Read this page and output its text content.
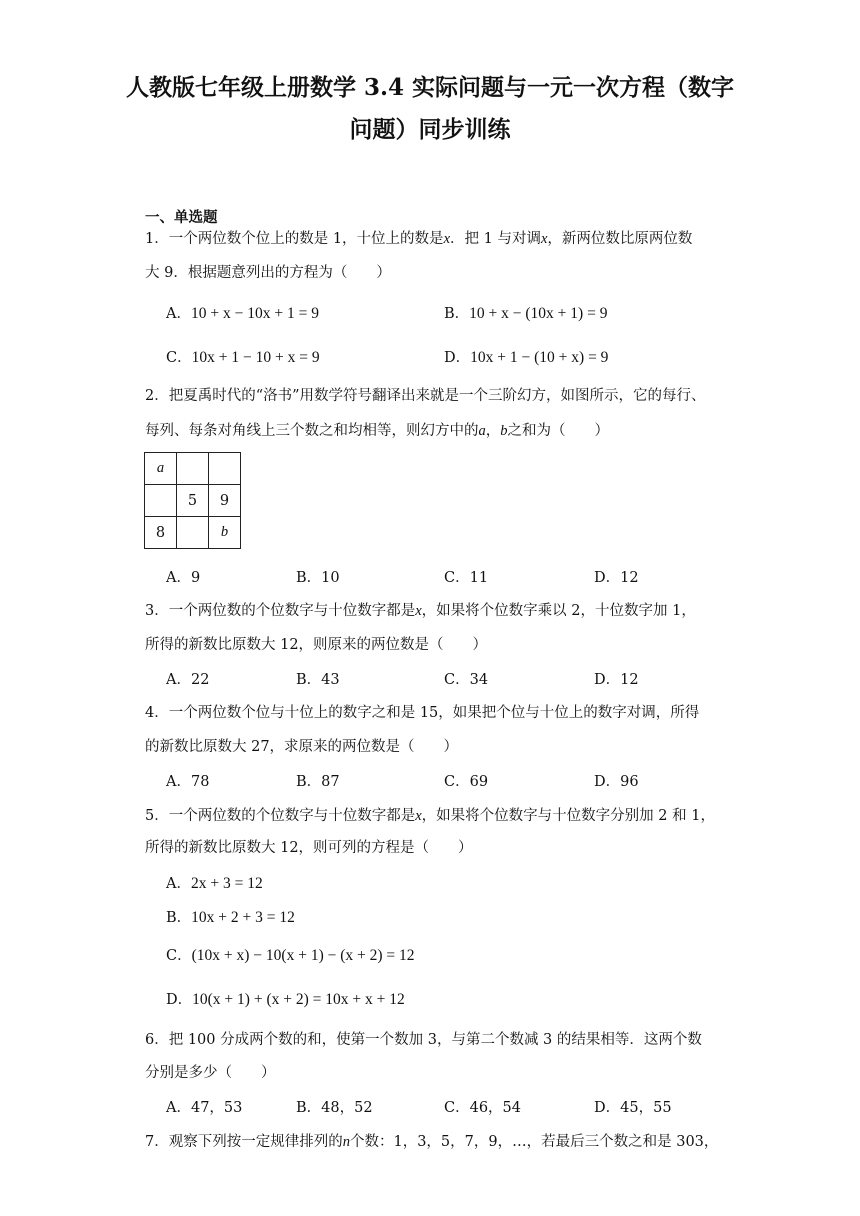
人教版七年级上册数学 3.4 实际问题与一元一次方程（数字
问题）同步训练
一、单选题
1．一个两位数个位上的数是 1，十位上的数是x．把 1 与对调x，新两位数比原两位数
大 9．根据题意列出的方程为（　　）
A．10 + x − 10x + 1 = 9	B．10 + x − (10x + 1) = 9
C．10x + 1 − 10 + x = 9	D．10x + 1 − (10 + x) = 9
2．把夏禹时代的“洛书”用数学符号翻译出来就是一个三阶幻方，如图所示，它的每行、
每列、每条对角线上三个数之和均相等，则幻方中的a，b之和为（　　）
a		
	5	9
8		b
A．9	B．10	C．11	D．12
3．一个两位数的个位数字与十位数字都是x，如果将个位数字乘以 2，十位数字加 1，
所得的新数比原数大 12，则原来的两位数是（　　）
A．22	B．43	C．34	D．12
4．一个两位数个位与十位上的数字之和是 15，如果把个位与十位上的数字对调，所得
的新数比原数大 27，求原来的两位数是（　　）
A．78	B．87	C．69	D．96
5．一个两位数的个位数字与十位数字都是x，如果将个位数字与十位数字分别加 2 和 1，
所得的新数比原数大 12，则可列的方程是（　　）
A．2x + 3 = 12
B．10x + 2 + 3 = 12
C．(10x + x) − 10(x + 1) − (x + 2) = 12
D．10(x + 1) + (x + 2) = 10x + x + 12
6．把 100 分成两个数的和，使第一个数加 3，与第二个数减 3 的结果相等．这两个数
分别是多少（　　）
A．47，53	B．48，52	C．46，54	D．45，55
7．观察下列按一定规律排列的n个数：1，3，5，7，9，…，若最后三个数之和是 303，
